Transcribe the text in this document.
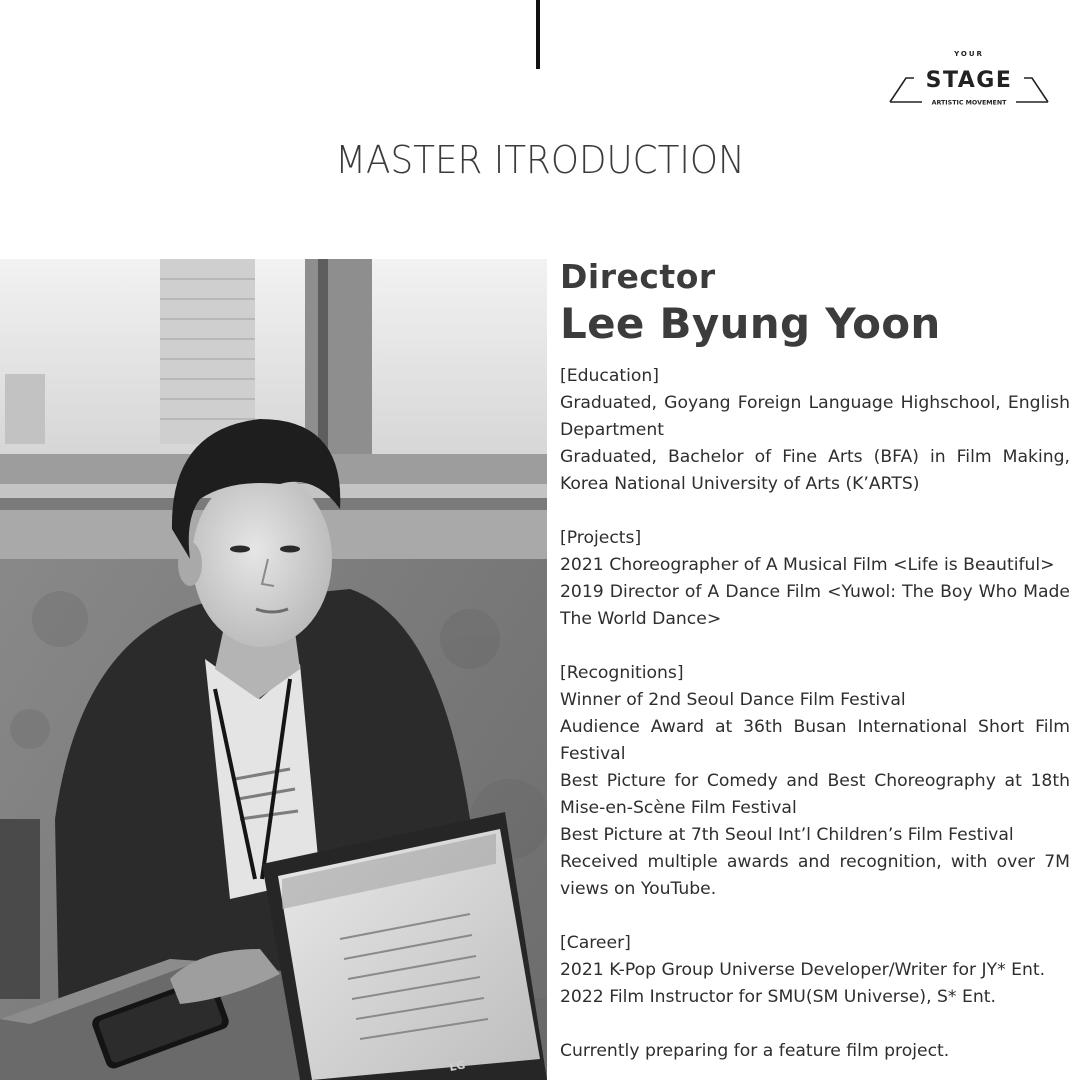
YOUR
STAGE
ARTISTIC MOVEMENT
MASTER ITRODUCTION
LG
Director
Lee Byung Yoon
[Education]
Graduated, Goyang Foreign Language Highschool, English Department
Graduated, Bachelor of Fine Arts (BFA) in Film Making, Korea National University of Arts (K’ARTS)
[Projects]
2021 Choreographer of A Musical Film <Life is Beautiful>
2019 Director of A Dance Film <Yuwol: The Boy Who Made The World Dance>
[Recognitions]
Winner of 2nd Seoul Dance Film Festival
Audience Award at 36th Busan International Short Film Festival
Best Picture for Comedy and Best Choreography at 18th Mise-en-Scène Film Festival
Best Picture at 7th Seoul Int’l Children’s Film Festival
Received multiple awards and recognition, with over 7M views on YouTube.
[Career]
2021 K-Pop Group Universe Developer/Writer for JY* Ent.
2022 Film Instructor for SMU(SM Universe), S* Ent.
Currently preparing for a feature film project.
